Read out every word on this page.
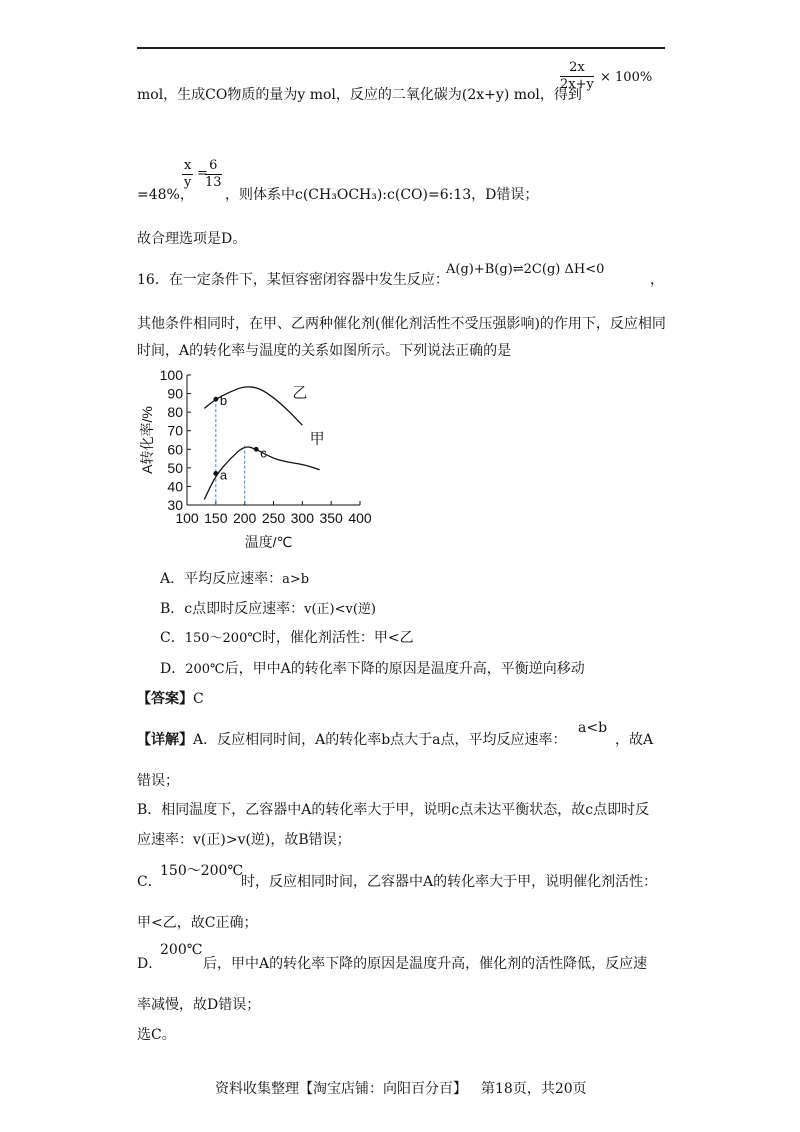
mol，生成CO物质的量为y mol，反应的二氧化碳为(2x+y) mol，得到
$\frac{2x}{2x+y} \times 100\%$
=48%，
$\frac{x}{y}$ =
$\frac{6}{13}$
，则体系中c(CH₃OCH₃):c(CO)=6:13，D错误；
故合理选项是D。
16．在一定条件下，某恒容密闭容器中发生反应：
A(g)+B(g)⇌2C(g) ΔH<0
，
其他条件相同时，在甲、乙两种催化剂(催化剂活性不受压强影响)的作用下，反应相同
时间，A的转化率与温度的关系如图所示。下列说法正确的是
30
40
50
60
70
80
90
100
100 150 200 250 300 350 400
温度/℃
A转化率/%
乙
甲
a
b
c
A．平均反应速率：a>b
B．c点即时反应速率：v(正)<v(逆)
C．150～200℃时，催化剂活性：甲<乙
D．200℃后，甲中A的转化率下降的原因是温度升高，平衡逆向移动
【答案】C
【详解】A．反应相同时间，A的转化率b点大于a点，平均反应速率：
a<b
，故A
错误；
B．相同温度下，乙容器中A的转化率大于甲，说明c点未达平衡状态，故c点即时反
应速率：v(正)>v(逆)，故B错误；
C．
150～200℃
时，反应相同时间，乙容器中A的转化率大于甲，说明催化剂活性：
甲<乙，故C正确；
D．
200℃
后，甲中A的转化率下降的原因是温度升高，催化剂的活性降低，反应速
率减慢，故D错误；
选C。
资料收集整理【淘宝店铺：向阳百分百】 第18页，共20页
